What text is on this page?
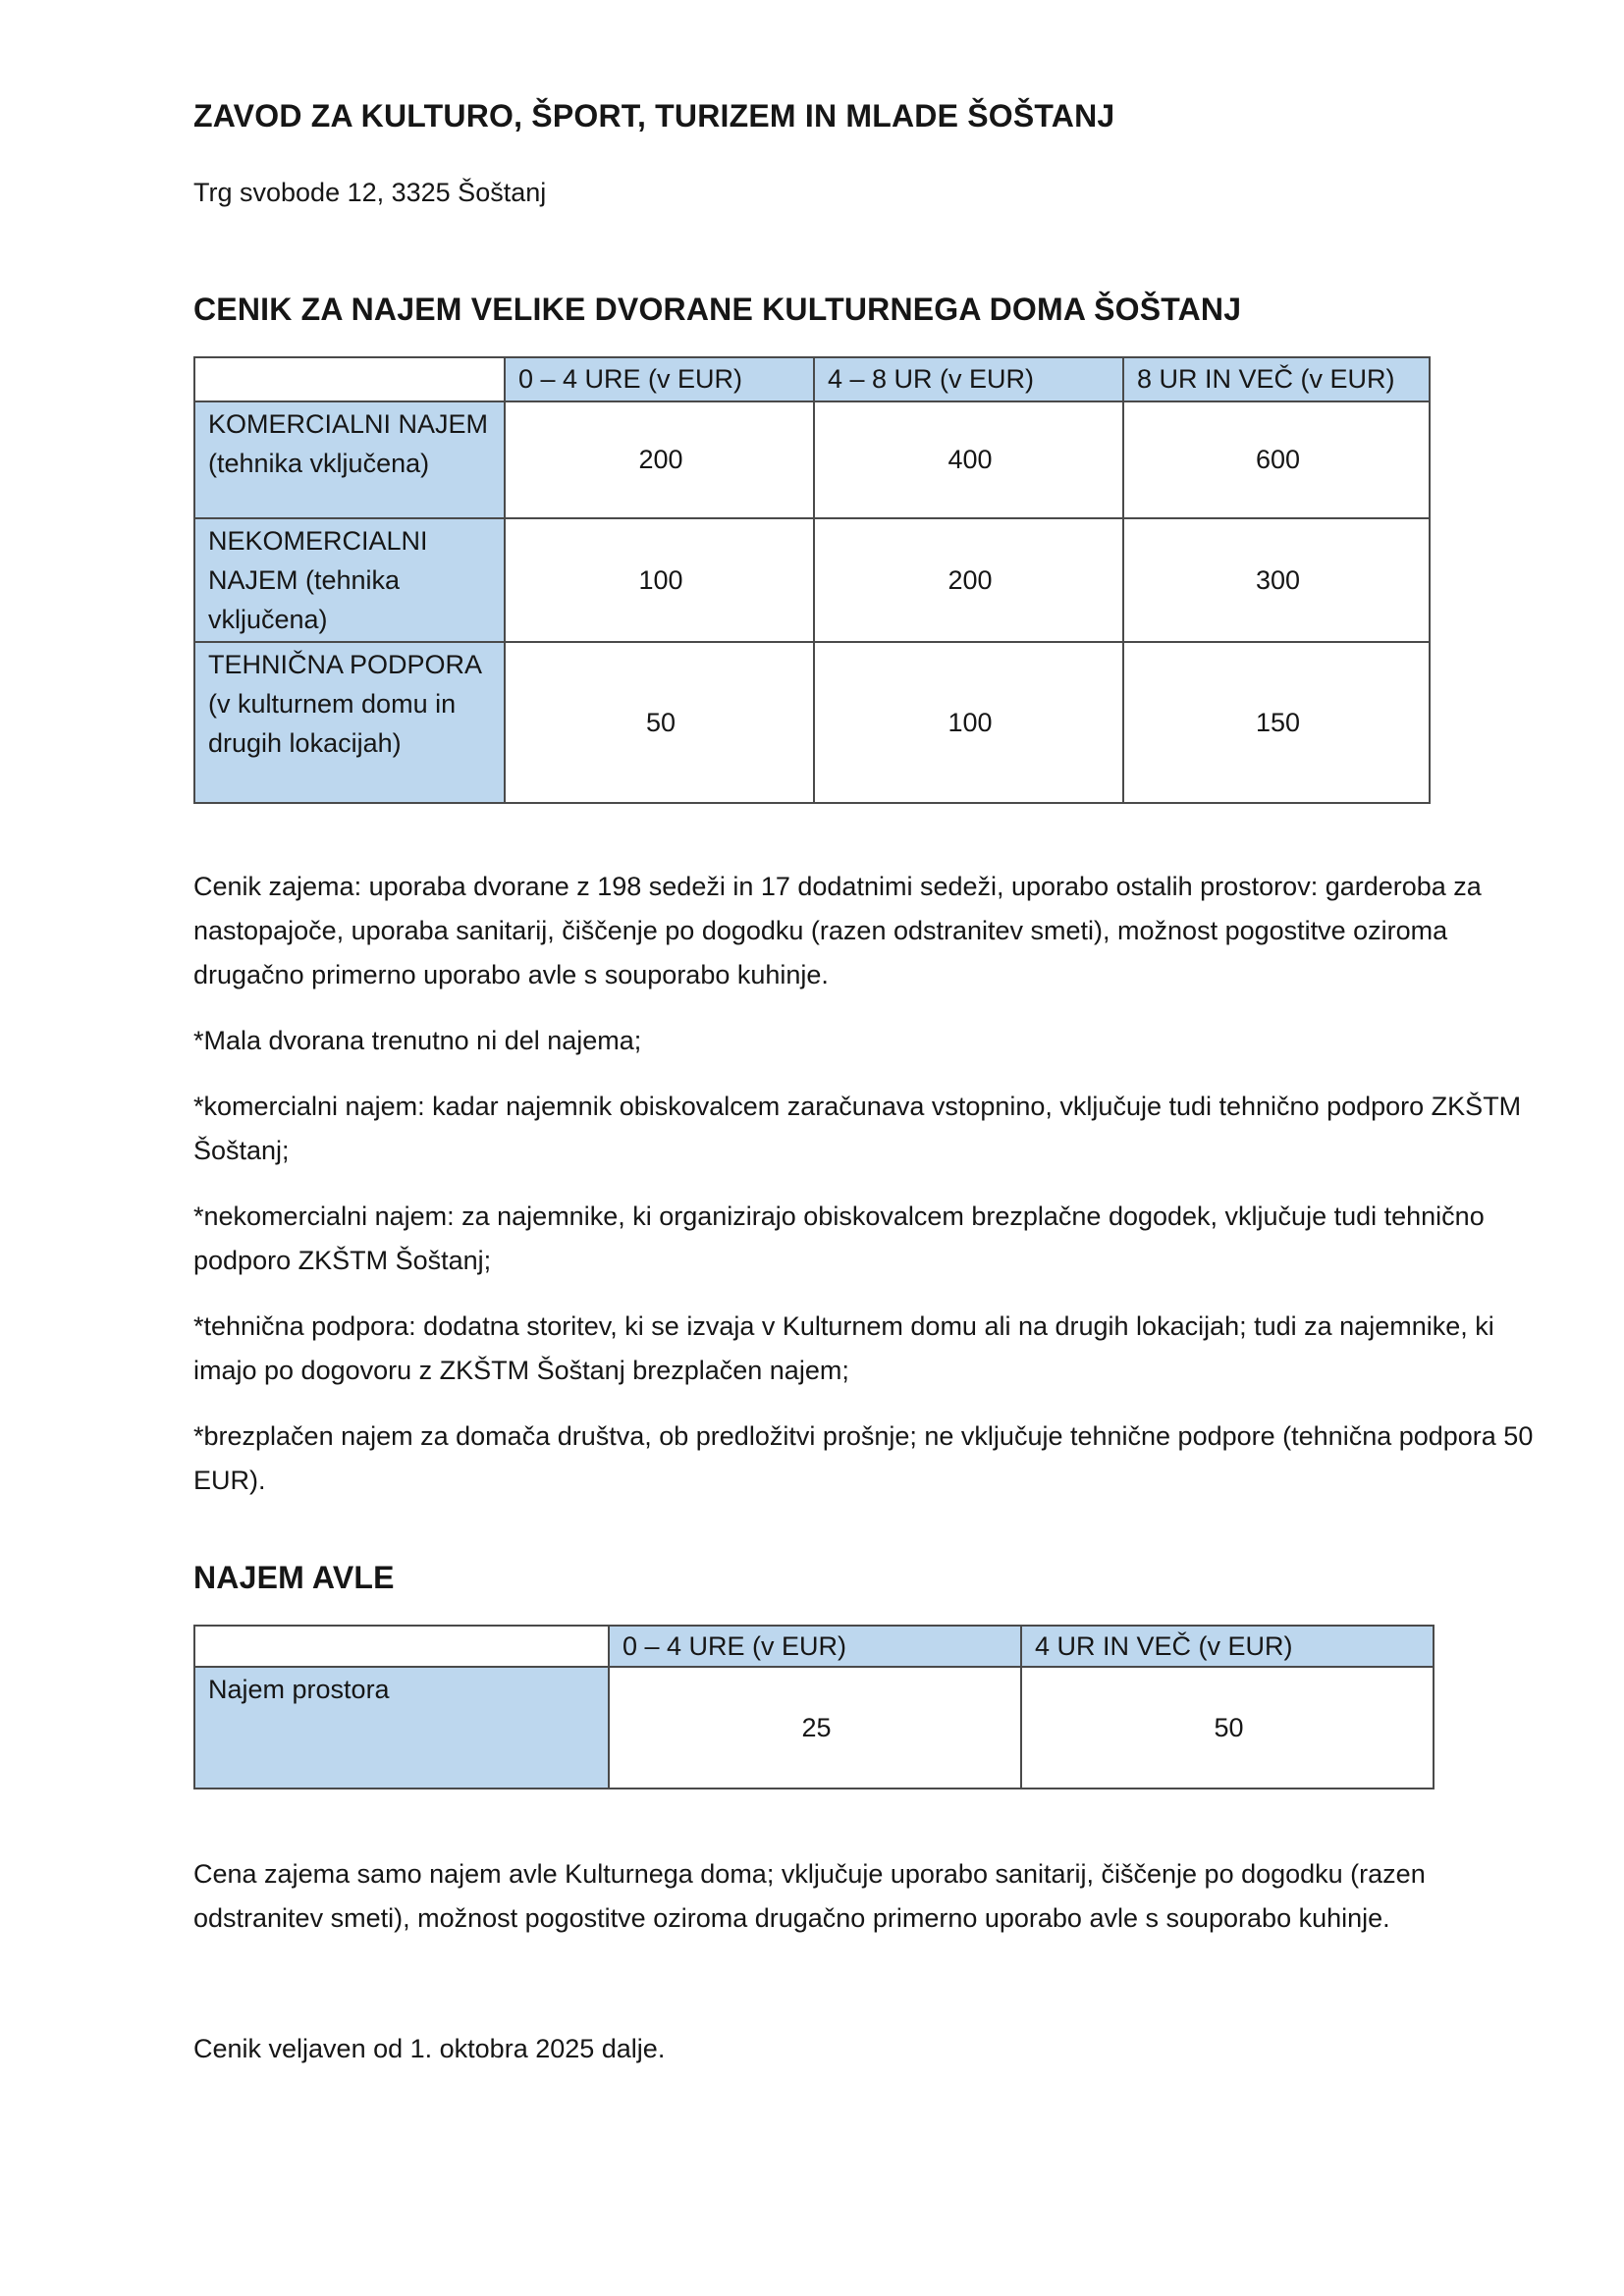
ZAVOD ZA KULTURO, ŠPORT, TURIZEM IN MLADE ŠOŠTANJ

Trg svobode 12, 3325 Šoštanj

CENIK ZA NAJEM VELIKE DVORANE KULTURNEGA DOMA ŠOŠTANJ
	0 – 4 URE (v EUR)	4 – 8 UR (v EUR)	8 UR IN VEČ (v EUR)
KOMERCIALNI NAJEM (tehnika vključena)	200	400	600
NEKOMERCIALNI NAJEM (tehnika vključena)	100	200	300
TEHNIČNA PODPORA (v kulturnem domu in drugih lokacijah)	50	100	150

Cenik zajema: uporaba dvorane z 198 sedeži in 17 dodatnimi sedeži, uporabo ostalih prostorov: garderoba za nastopajoče, uporaba sanitarij, čiščenje po dogodku (razen odstranitev smeti), možnost pogostitve oziroma drugačno primerno uporabo avle s souporabo kuhinje.

*Mala dvorana trenutno ni del najema;

*komercialni najem: kadar najemnik obiskovalcem zaračunava vstopnino, vključuje tudi tehnično podporo ZKŠTM Šoštanj;

*nekomercialni najem: za najemnike, ki organizirajo obiskovalcem brezplačne dogodek, vključuje tudi tehnično podporo ZKŠTM Šoštanj;

*tehnična podpora: dodatna storitev, ki se izvaja v Kulturnem domu ali na drugih lokacijah; tudi za najemnike, ki imajo po dogovoru z ZKŠTM Šoštanj brezplačen najem;

*brezplačen najem za domača društva, ob predložitvi prošnje; ne vključuje tehnične podpore (tehnična podpora 50 EUR).

NAJEM AVLE
	0 – 4 URE (v EUR)	4 UR IN VEČ (v EUR)
Najem prostora	25	50

Cena zajema samo najem avle Kulturnega doma; vključuje uporabo sanitarij, čiščenje po dogodku (razen odstranitev smeti), možnost pogostitve oziroma drugačno primerno uporabo avle s souporabo kuhinje.

Cenik veljaven od 1. oktobra 2025 dalje.
